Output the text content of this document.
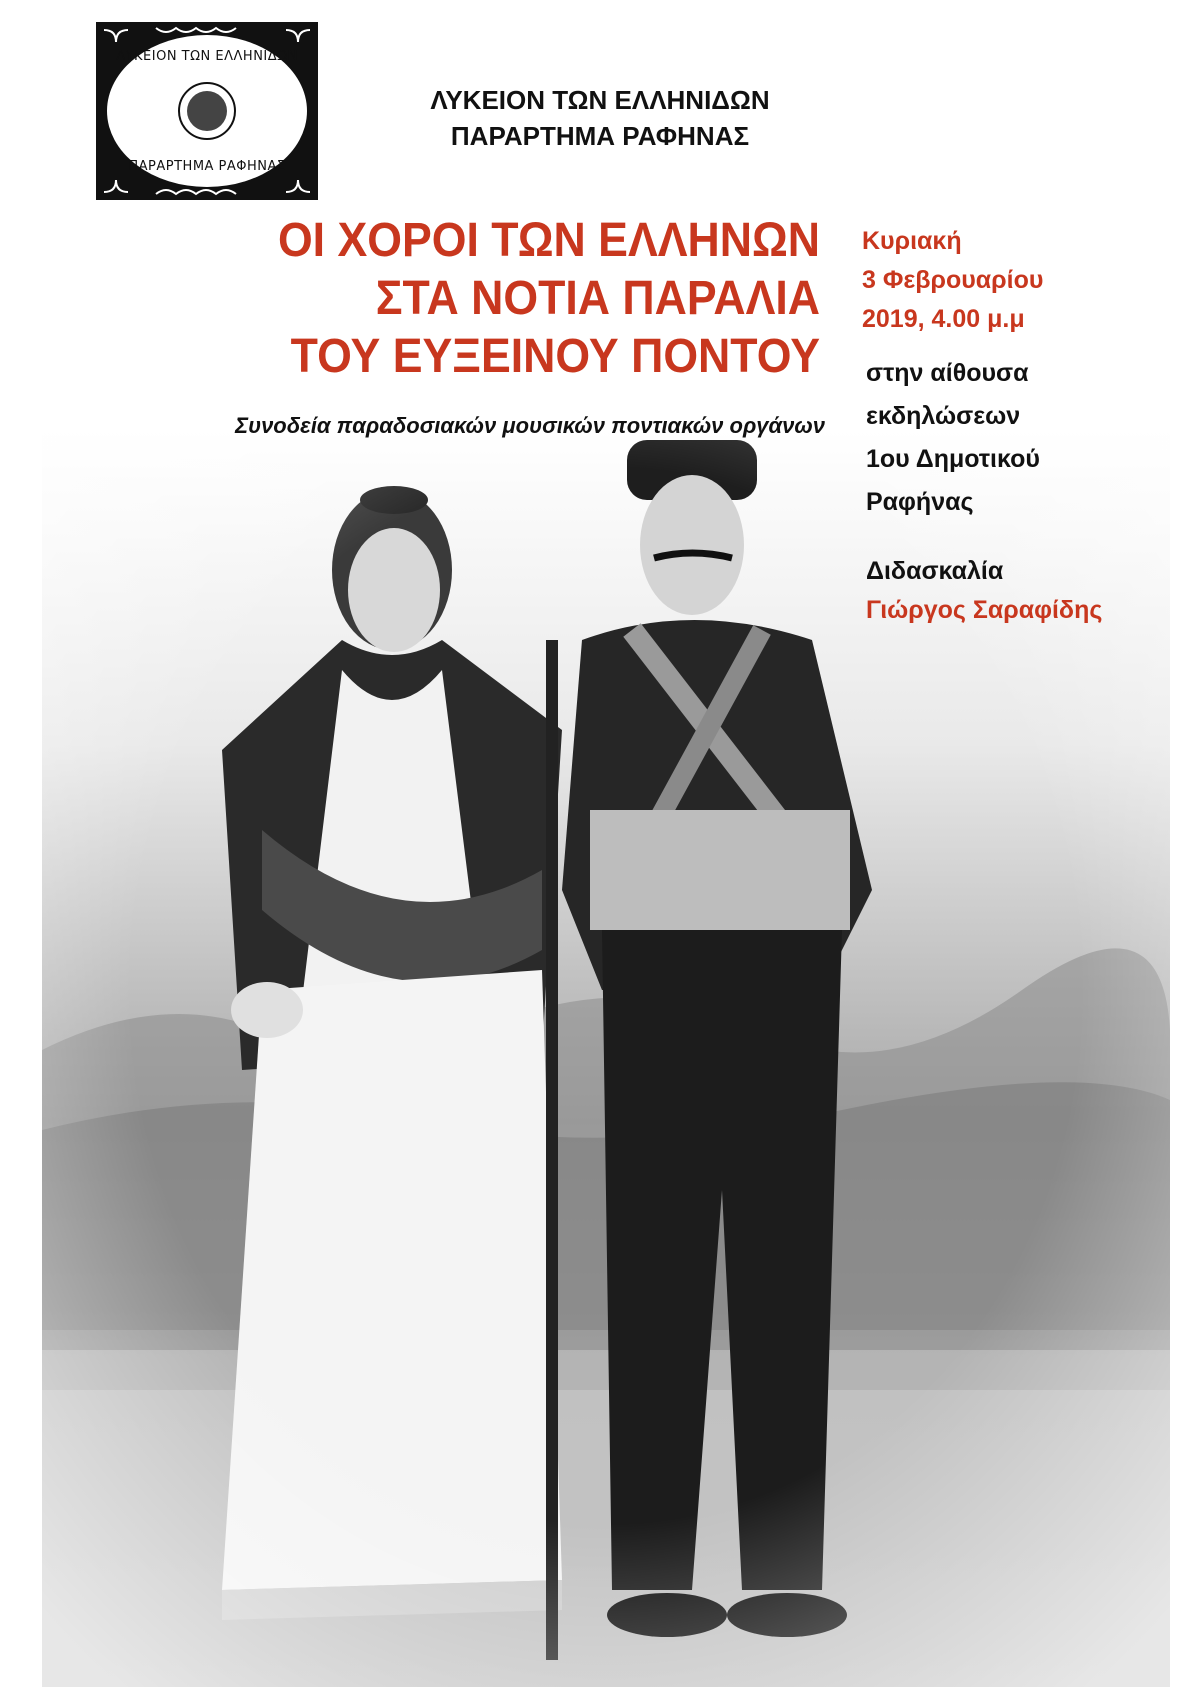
ΛΥΚΕΙΟΝ ΤΩΝ ΕΛΛΗΝΙΔΩΝ
ΠΑΡΑΡΤΗΜΑ ΡΑΦΗΝΑΣ
ΛΥΚΕΙΟΝ ΤΩΝ ΕΛΛΗΝΙΔΩΝ
ΠΑΡΑΡΤΗΜΑ ΡΑΦΗΝΑΣ
ΟΙ ΧΟΡΟΙ ΤΩΝ ΕΛΛΗΝΩΝ
ΣΤΑ ΝΟΤΙΑ ΠΑΡΑΛΙΑ
ΤΟΥ ΕΥΞΕΙΝΟΥ ΠΟΝΤΟΥ
Συνοδεία παραδοσιακών μουσικών ποντιακών οργάνων
Κυριακή
3 Φεβρουαρίου
2019, 4.00 μ.μ
στην αίθουσα
εκδηλώσεων
1ου Δημοτικού
Ραφήνας
Διδασκαλία
Γιώργος Σαραφίδης
